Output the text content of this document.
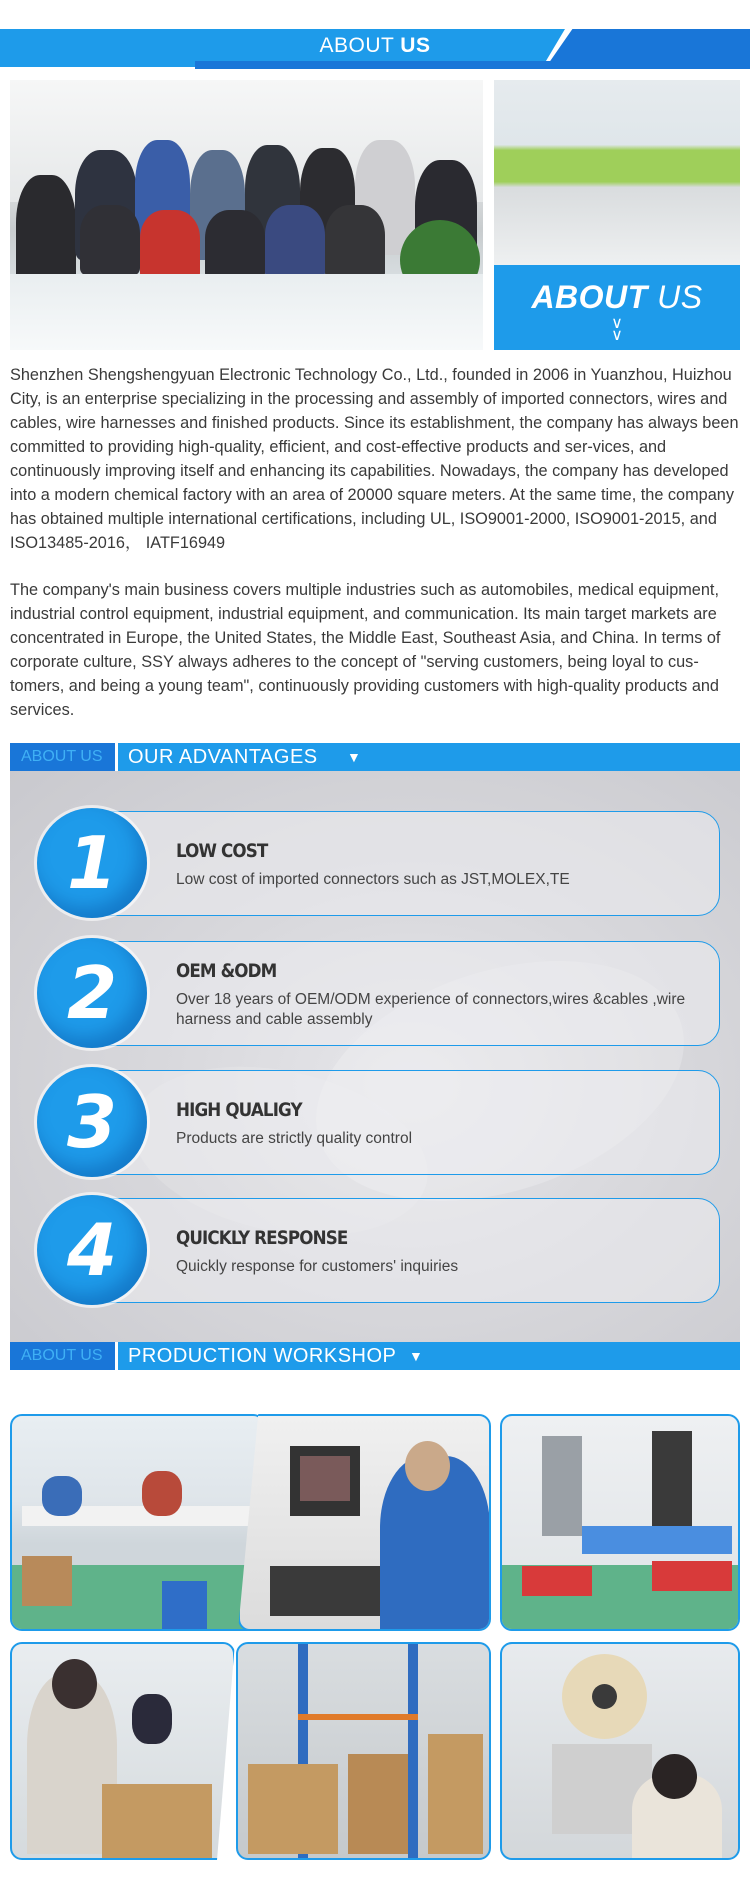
ABOUT US
ABOUT US
∨
∨

Shenzhen Shengshengyuan Electronic Technology Co., Ltd., founded in 2006 in Yuanzhou, Huizhou City, is an enterprise specializing in the processing and assembly of imported connectors, wires and cables, wire harnesses and finished products. Since its establishment, the company has always been committed to providing high-quality, efficient, and cost-effective products and ser-vices, and continuously improving itself and enhancing its capabilities. Nowadays, the company has developed into a modern chemical factory with an area of 20000 square meters. At the same time, the company has obtained multiple international certifications, including UL, ISO9001-2000, ISO9001-2015, and ISO13485-2016， IATF16949

The company's main business covers multiple industries such as automobiles, medical equipment, industrial control equipment, industrial equipment, and communication. Its main target markets are concentrated in Europe, the United States, the Middle East, Southeast Asia, and China. In terms of corporate culture, SSY always adheres to the concept of "serving customers, being loyal to cus-tomers, and being a young team", continuously providing customers with high-quality products and services.

ABOUT US	OUR ADVANTAGES ▼
LOW COST
Low cost of imported connectors such as JST,MOLEX,TE
1
OEM &ODM
Over 18 years of OEM/ODM experience of connectors,wires &cables ,wire harness and cable assembly
2
HIGH QUALIGY
Products are strictly quality control
3
QUICKLY RESPONSE
Quickly response for customers' inquiries
4
ABOUT US	PRODUCTION WORKSHOP ▼
